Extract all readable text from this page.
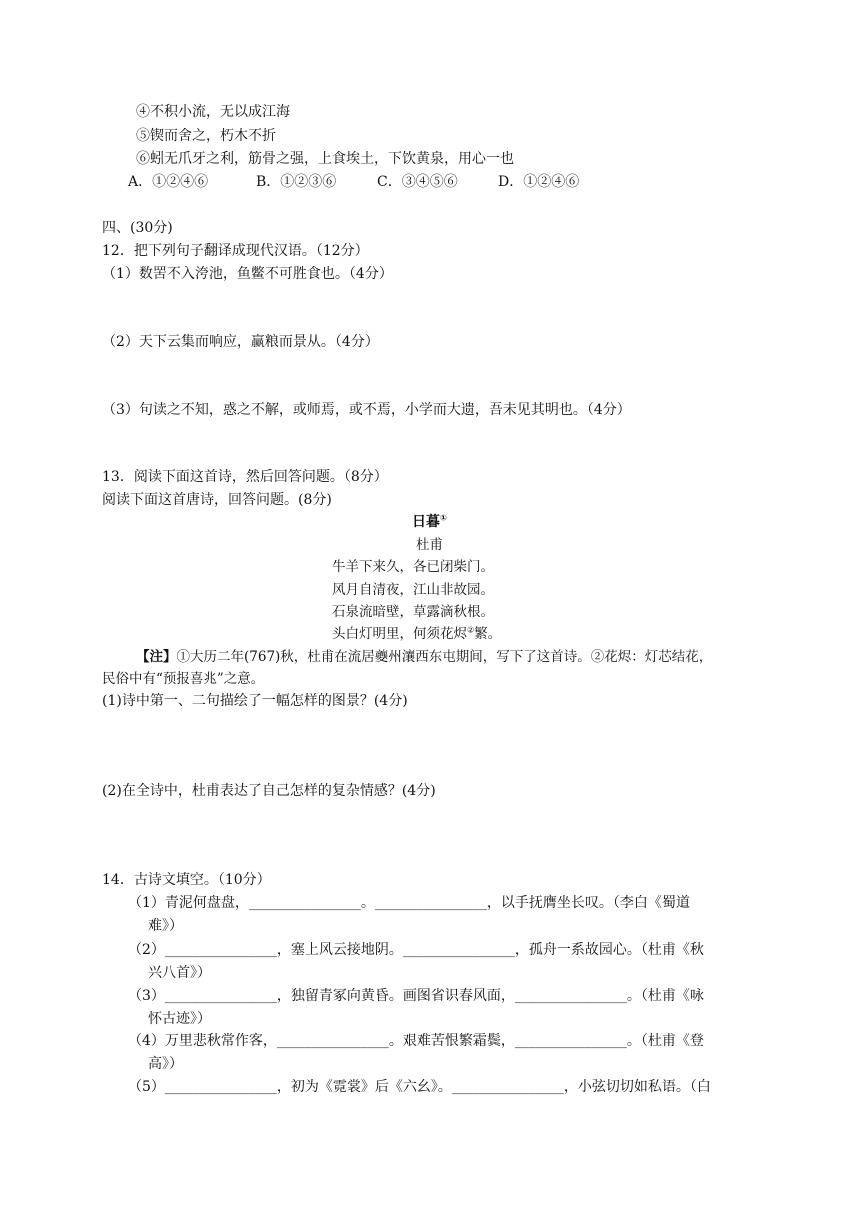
④不积小流，无以成江海
⑤锲而舍之，朽木不折
⑥蚓无爪牙之利，筋骨之强，上食埃土，下饮黄泉，用心一也
A．①②④⑥	B．①②③⑥	C．③④⑤⑥	D．①②④⑥
四、(30分)
12．把下列句子翻译成现代汉语。（12分）
（1）数罟不入洿池，鱼鳖不可胜食也。（4分）
（2）天下云集而响应，赢粮而景从。（4分）
（3）句读之不知，惑之不解，或师焉，或不焉，小学而大遗，吾未见其明也。（4分）
13．阅读下面这首诗，然后回答问题。（8分）
阅读下面这首唐诗，回答问题。(8分)
日暮①
杜甫
牛羊下来久，各已闭柴门。
风月自清夜，江山非故园。
石泉流暗壁，草露滴秋根。
头白灯明里，何须花烬②繁。
【注】①大历二年(767)秋，杜甫在流居夔州瀼西东屯期间，写下了这首诗。②花烬：灯芯结花，
民俗中有“预报喜兆”之意。
(1)诗中第一、二句描绘了一幅怎样的图景？(4分)
(2)在全诗中，杜甫表达了自己怎样的复杂情感？(4分)
14．古诗文填空。（10分）
（1）青泥何盘盘，________________。________________，以手抚膺坐长叹。（李白《蜀道
难》）
（2）________________，塞上风云接地阴。________________，孤舟一系故园心。（杜甫《秋
兴八首》）
（3）________________，独留青冢向黄昏。画图省识春风面，________________。（杜甫《咏
怀古迹》）
（4）万里悲秋常作客，________________。艰难苦恨繁霜鬓，________________。（杜甫《登
高》）
（5）________________，初为《霓裳》后《六幺》。________________，小弦切切如私语。（白
